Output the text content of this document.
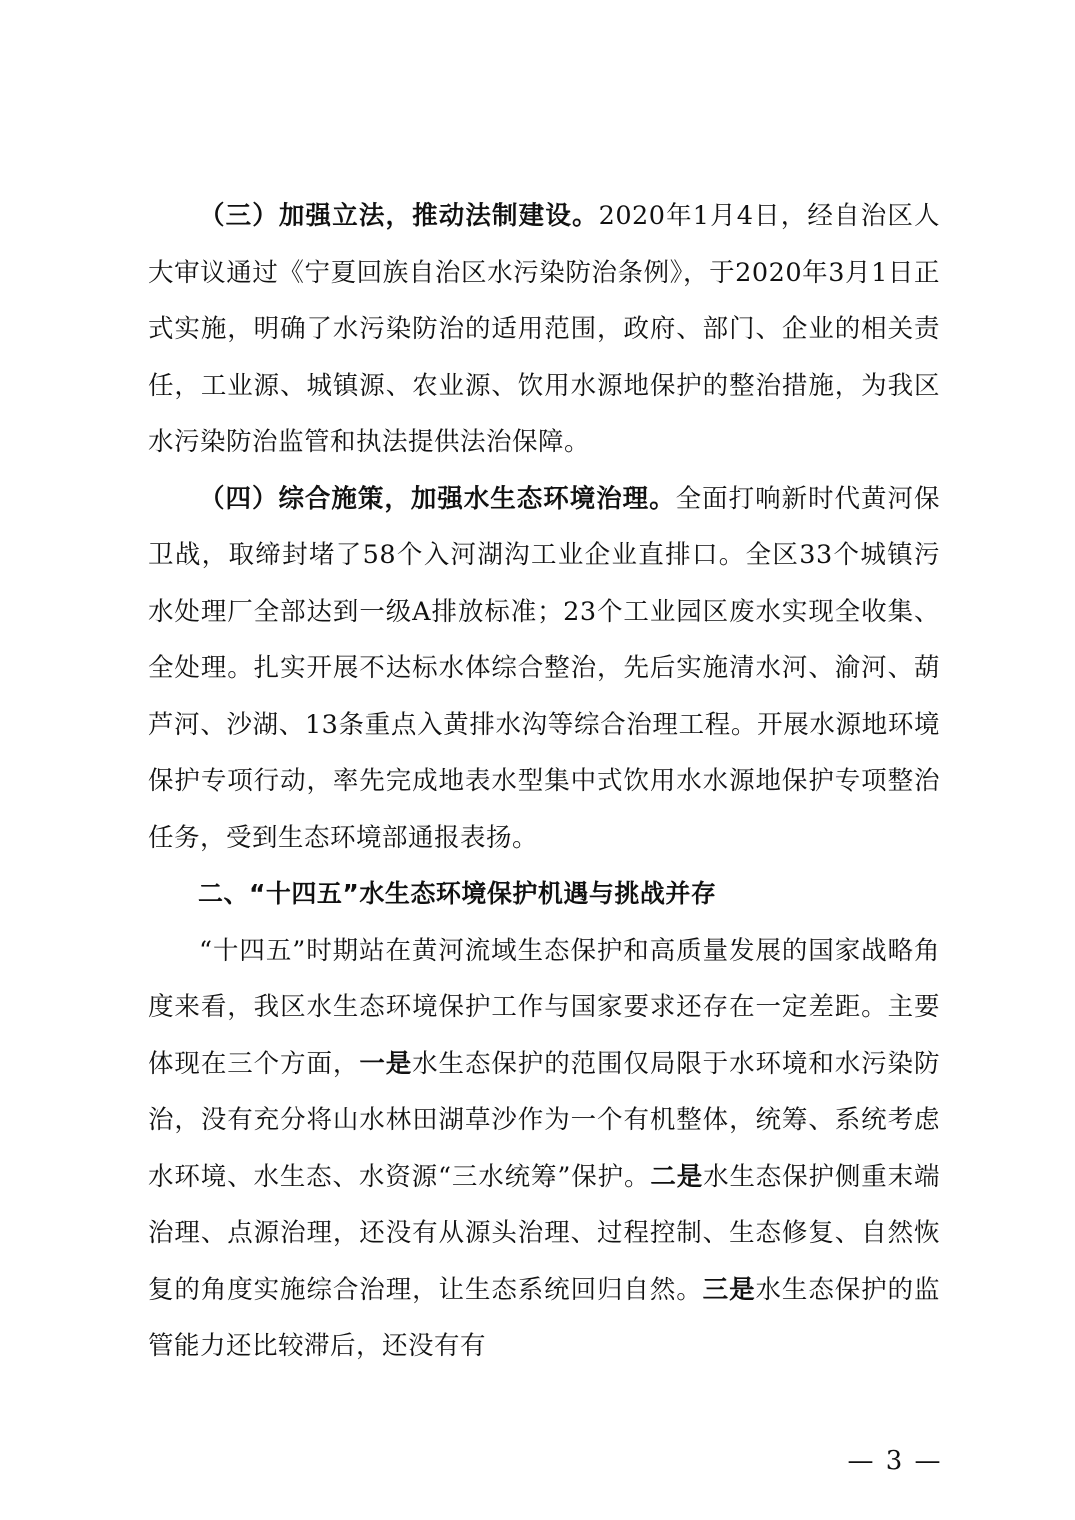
（三）加强立法，推动法制建设。2020年1月4日，经自治区人大审议通过《宁夏回族自治区水污染防治条例》，于2020年3月1日正式实施，明确了水污染防治的适用范围，政府、部门、企业的相关责任，工业源、城镇源、农业源、饮用水源地保护的整治措施，为我区水污染防治监管和执法提供法治保障。

（四）综合施策，加强水生态环境治理。全面打响新时代黄河保卫战，取缔封堵了58个入河湖沟工业企业直排口。全区33个城镇污水处理厂全部达到一级A排放标准；23个工业园区废水实现全收集、全处理。扎实开展不达标水体综合整治，先后实施清水河、渝河、葫芦河、沙湖、13条重点入黄排水沟等综合治理工程。开展水源地环境保护专项行动，率先完成地表水型集中式饮用水水源地保护专项整治任务，受到生态环境部通报表扬。

二、“十四五”水生态环境保护机遇与挑战并存

“十四五”时期站在黄河流域生态保护和高质量发展的国家战略角度来看，我区水生态环境保护工作与国家要求还存在一定差距。主要体现在三个方面，一是水生态保护的范围仅局限于水环境和水污染防治，没有充分将山水林田湖草沙作为一个有机整体，统筹、系统考虑水环境、水生态、水资源“三水统筹”保护。二是水生态保护侧重末端治理、点源治理，还没有从源头治理、过程控制、生态修复、自然恢复的角度实施综合治理，让生态系统回归自然。三是水生态保护的监管能力还比较滞后，还没有有

— 3 —
